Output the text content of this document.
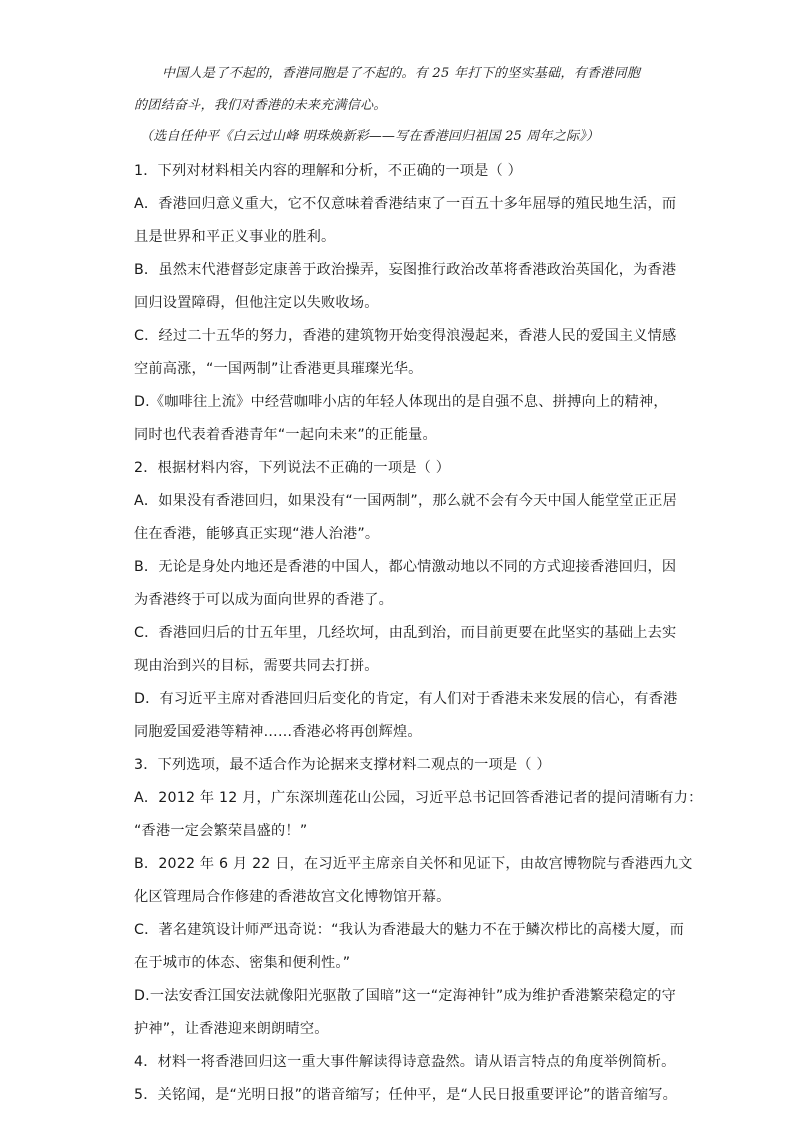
中国人是了不起的，香港同胞是了不起的。有 25 年打下的坚实基础，有香港同胞
的团结奋斗，我们对香港的未来充满信心。
（选自任仲平《白云过山峰 明珠焕新彩——写在香港回归祖国 25 周年之际》）
1．下列对材料相关内容的理解和分析，不正确的一项是（ ）
A．香港回归意义重大，它不仅意味着香港结束了一百五十多年屈辱的殖民地生活，而
且是世界和平正义事业的胜利。
B．虽然末代港督彭定康善于政治操弄，妄图推行政治改革将香港政治英国化，为香港
回归设置障碍，但他注定以失败收场。
C．经过二十五华的努力，香港的建筑物开始变得浪漫起来，香港人民的爱国主义情感
空前高涨，“一国两制”让香港更具璀璨光华。
D.《咖啡往上流》中经营咖啡小店的年轻人体现出的是自强不息、拼搏向上的精神，
同时也代表着香港青年“一起向未来”的正能量。
2．根据材料内容，下列说法不正确的一项是（ ）
A．如果没有香港回归，如果没有“一国两制”，那么就不会有今天中国人能堂堂正正居
住在香港，能够真正实现“港人治港”。
B．无论是身处内地还是香港的中国人，都心情激动地以不同的方式迎接香港回归，因
为香港终于可以成为面向世界的香港了。
C．香港回归后的廿五年里，几经坎坷，由乱到治，而目前更要在此坚实的基础上去实
现由治到兴的目标，需要共同去打拼。
D．有习近平主席对香港回归后变化的肯定，有人们对于香港未来发展的信心，有香港
同胞爱国爱港等精神……香港必将再创辉煌。
3．下列选项，最不适合作为论据来支撑材料二观点的一项是（ ）
A．2012 年 12 月，广东深圳莲花山公园，习近平总书记回答香港记者的提问清晰有力：
“香港一定会繁荣昌盛的！”
B．2022 年 6 月 22 日，在习近平主席亲自关怀和见证下，由故宫博物院与香港西九文
化区管理局合作修建的香港故宫文化博物馆开幕。
C．著名建筑设计师严迅奇说：“我认为香港最大的魅力不在于鳞次栉比的高楼大厦，而
在于城市的体态、密集和便利性。”
D.一法安香江国安法就像阳光驱散了国暗”这一“定海神针”成为维护香港繁荣稳定的守
护神”，让香港迎来朗朗晴空。
4．材料一将香港回归这一重大事件解读得诗意盎然。请从语言特点的角度举例简析。
5．关铭闻，是“光明日报”的谐音缩写；任仲平，是“人民日报重要评论”的谐音缩写。
